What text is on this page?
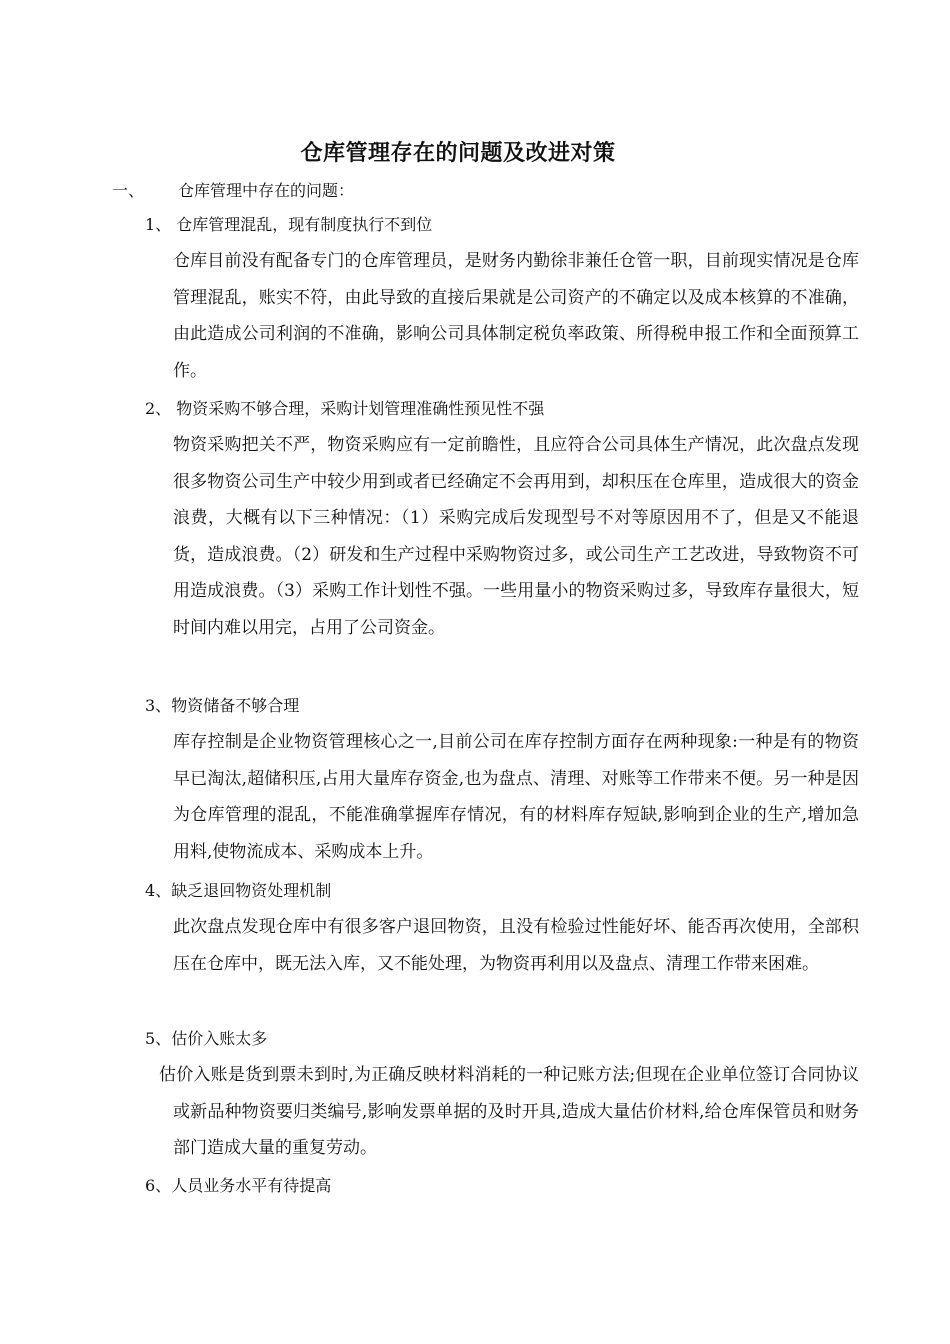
仓库管理存在的问题及改进对策

一、 仓库管理中存在的问题：

1、 仓库管理混乱，现有制度执行不到位

仓库目前没有配备专门的仓库管理员，是财务内勤徐非兼任仓管一职，目前现实情况是仓库管理混乱，账实不符，由此导致的直接后果就是公司资产的不确定以及成本核算的不准确，由此造成公司利润的不准确，影响公司具体制定税负率政策、所得税申报工作和全面预算工作。

2、 物资采购不够合理，采购计划管理准确性预见性不强

物资采购把关不严，物资采购应有一定前瞻性，且应符合公司具体生产情况，此次盘点发现很多物资公司生产中较少用到或者已经确定不会再用到，却积压在仓库里，造成很大的资金浪费，大概有以下三种情况：（1）采购完成后发现型号不对等原因用不了，但是又不能退货，造成浪费。（2）研发和生产过程中采购物资过多，或公司生产工艺改进，导致物资不可用造成浪费。（3）采购工作计划性不强。一些用量小的物资采购过多，导致库存量很大，短时间内难以用完，占用了公司资金。

3、物资储备不够合理

库存控制是企业物资管理核心之一,目前公司在库存控制方面存在两种现象:一种是有的物资早已淘汰,超储积压,占用大量库存资金,也为盘点、清理、对账等工作带来不便。另一种是因为仓库管理的混乱，不能准确掌握库存情况，有的材料库存短缺,影响到企业的生产,增加急用料,使物流成本、采购成本上升。

4、缺乏退回物资处理机制

此次盘点发现仓库中有很多客户退回物资，且没有检验过性能好坏、能否再次使用，全部积压在仓库中，既无法入库，又不能处理，为物资再利用以及盘点、清理工作带来困难。

5、估价入账太多

估价入账是货到票未到时,为正确反映材料消耗的一种记账方法;但现在企业单位签订合同协议或新品种物资要归类编号,影响发票单据的及时开具,造成大量估价材料,给仓库保管员和财务部门造成大量的重复劳动。

6、人员业务水平有待提高
